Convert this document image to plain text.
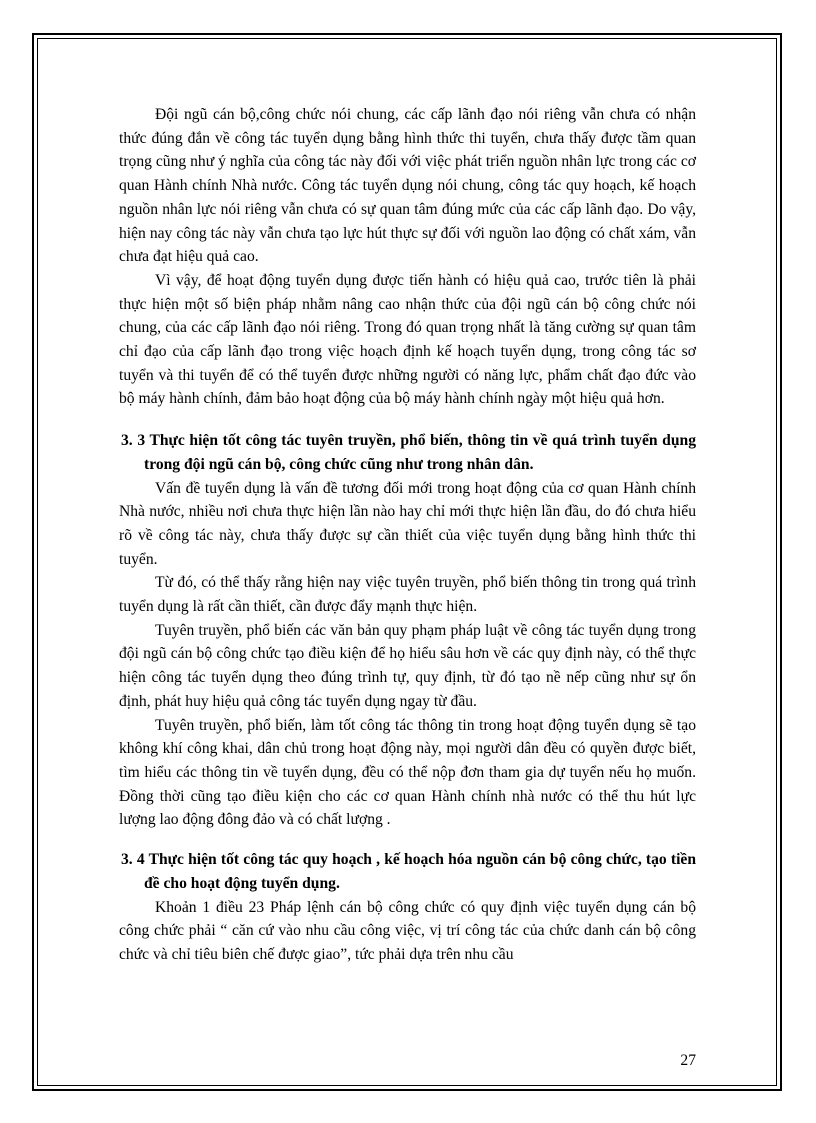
Đội ngũ cán bộ,công chức nói chung, các cấp lãnh đạo nói riêng vẫn chưa có nhận thức đúng đắn về công tác tuyển dụng bằng hình thức thi tuyển, chưa thấy được tầm quan trọng cũng như ý nghĩa của công tác này đối với việc phát triển nguồn nhân lực trong các cơ quan Hành chính Nhà nước. Công tác tuyển dụng nói chung, công tác quy hoạch, kế hoạch nguồn nhân lực nói riêng vẫn chưa có sự quan tâm đúng mức của các cấp lãnh đạo. Do vậy, hiện nay công tác này vẫn chưa tạo lực hút thực sự đối với nguồn lao động có chất xám, vẫn chưa đạt hiệu quả cao.

Vì vậy, để hoạt động tuyển dụng được tiến hành có hiệu quả cao, trước tiên là phải thực hiện một số biện pháp nhằm nâng cao nhận thức của đội ngũ cán bộ công chức nói chung, của các cấp lãnh đạo nói riêng. Trong đó quan trọng nhất là tăng cường sự quan tâm chỉ đạo của cấp lãnh đạo trong việc hoạch định kế hoạch tuyển dụng, trong công tác sơ tuyển và thi tuyển để có thể tuyển được những người có năng lực, phẩm chất đạo đức vào bộ máy hành chính, đảm bảo hoạt động của bộ máy hành chính ngày một hiệu quả hơn.

3. 3 Thực hiện tốt công tác tuyên truyền, phổ biến, thông tin về quá trình tuyển dụng trong đội ngũ cán bộ, công chức cũng như trong nhân dân.

Vấn đề tuyển dụng là vấn đề tương đối mới trong hoạt động của cơ quan Hành chính Nhà nước, nhiều nơi chưa thực hiện lần nào hay chỉ mới thực hiện lần đầu, do đó chưa hiểu rõ về công tác này, chưa thấy được sự cần thiết của việc tuyển dụng bằng hình thức thi tuyển.

Từ đó, có thể thấy rằng hiện nay việc tuyên truyền, phổ biến thông tin trong quá trình tuyển dụng là rất cần thiết, cần được đẩy mạnh thực hiện.

Tuyên truyền, phổ biến các văn bản quy phạm pháp luật về công tác tuyển dụng trong đội ngũ cán bộ công chức tạo điều kiện để họ hiểu sâu hơn về các quy định này, có thể thực hiện công tác tuyển dụng theo đúng trình tự, quy định, từ đó tạo nề nếp cũng như sự ổn định, phát huy hiệu quả công tác tuyển dụng ngay từ đầu.

Tuyên truyền, phổ biến, làm tốt công tác thông tin trong hoạt động tuyển dụng sẽ tạo không khí công khai, dân chủ trong hoạt động này, mọi người dân đều có quyền được biết, tìm hiểu các thông tin về tuyển dụng, đều có thể nộp đơn tham gia dự tuyển nếu họ muốn. Đồng thời cũng tạo điều kiện cho các cơ quan Hành chính nhà nước có thể thu hút lực lượng lao động đông đảo và có chất lượng .

3. 4 Thực hiện tốt công tác quy hoạch , kế hoạch hóa nguồn cán bộ công chức, tạo tiền đề cho hoạt động tuyển dụng.

Khoản 1 điều 23 Pháp lệnh cán bộ công chức có quy định việc tuyển dụng cán bộ công chức phải “ căn cứ vào nhu cầu công việc, vị trí công tác của chức danh cán bộ công chức và chỉ tiêu biên chế được giao”, tức phải dựa trên nhu cầu

27
